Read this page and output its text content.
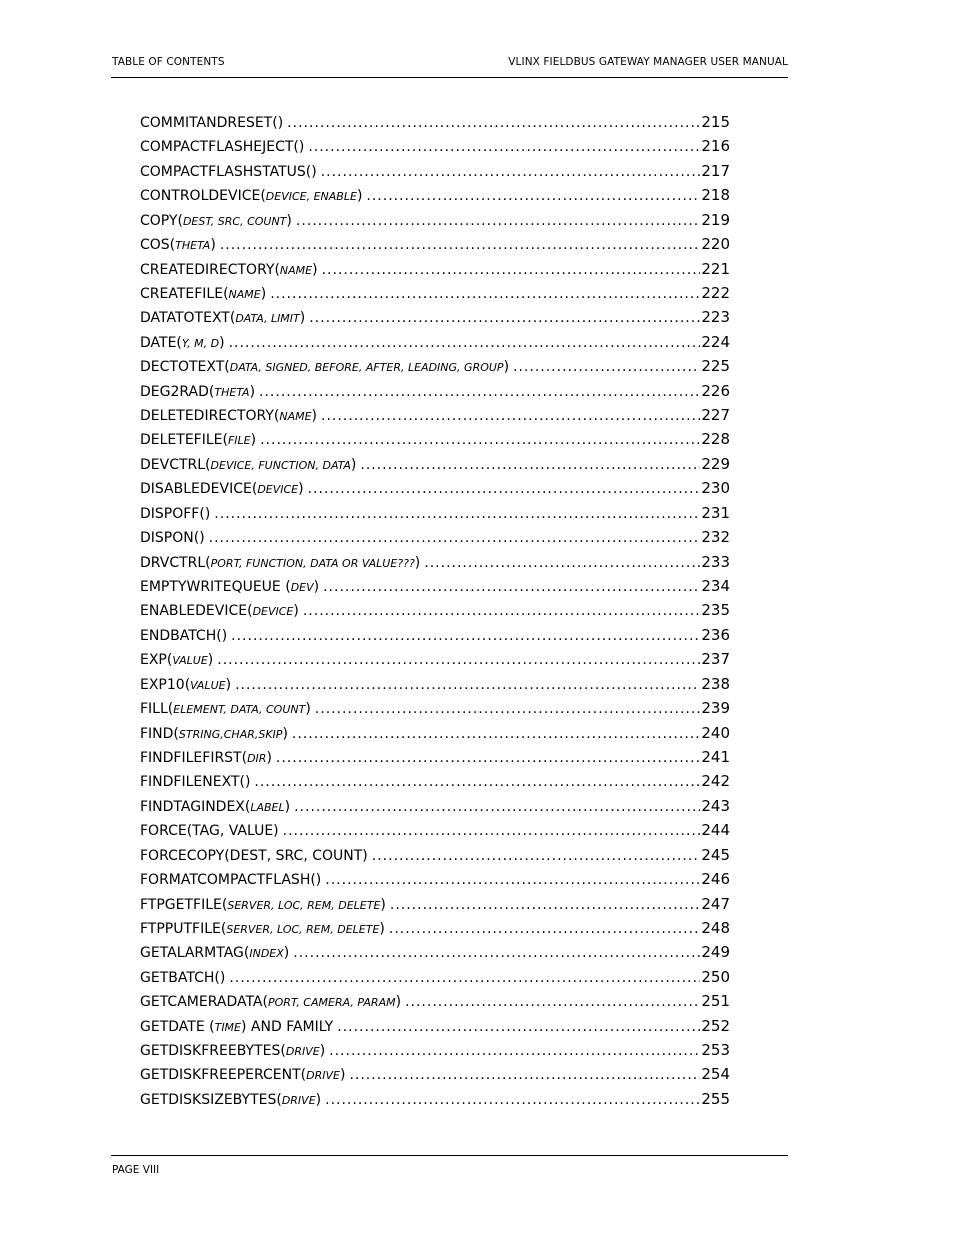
TABLE OF CONTENTS	VLINX FIELDBUS GATEWAY MANAGER USER MANUAL
COMMITANDRESET() .....	215
COMPACTFLASHEJECT() .....	216
COMPACTFLASHSTATUS() .....	217
CONTROLDEVICE(DEVICE, ENABLE) .....	218
COPY(DEST, SRC, COUNT) .....	219
COS(THETA) .....	220
CREATEDIRECTORY(NAME) .....	221
CREATEFILE(NAME) .....	222
DATATOTEXT(DATA, LIMIT) .....	223
DATE(Y, M, D) .....	224
DECTOTEXT(DATA, SIGNED, BEFORE, AFTER, LEADING, GROUP) .....	225
DEG2RAD(THETA) .....	226
DELETEDIRECTORY(NAME) .....	227
DELETEFILE(FILE) .....	228
DEVCTRL(DEVICE, FUNCTION, DATA) .....	229
DISABLEDEVICE(DEVICE) .....	230
DISPOFF() .....	231
DISPON() .....	232
DRVCTRL(PORT, FUNCTION, DATA OR VALUE???) .....	233
EMPTYWRITEQUEUE (DEV) .....	234
ENABLEDEVICE(DEVICE) .....	235
ENDBATCH() .....	236
EXP(VALUE) .....	237
EXP10(VALUE) .....	238
FILL(ELEMENT, DATA, COUNT) .....	239
FIND(STRING,CHAR,SKIP) .....	240
FINDFILEFIRST(DIR) .....	241
FINDFILENEXT() .....	242
FINDTAGINDEX(LABEL) .....	243
FORCE(TAG, VALUE) .....	244
FORCECOPY(DEST, SRC, COUNT) .....	245
FORMATCOMPACTFLASH() .....	246
FTPGETFILE(SERVER, LOC, REM, DELETE) .....	247
FTPPUTFILE(SERVER, LOC, REM, DELETE) .....	248
GETALARMTAG(INDEX) .....	249
GETBATCH() .....	250
GETCAMERADATA(PORT, CAMERA, PARAM) .....	251
GETDATE (TIME) AND FAMILY .....	252
GETDISKFREEBYTES(DRIVE) .....	253
GETDISKFREEPERCENT(DRIVE) .....	254
GETDISKSIZEBYTES(DRIVE) .....	255
PAGE VIII
